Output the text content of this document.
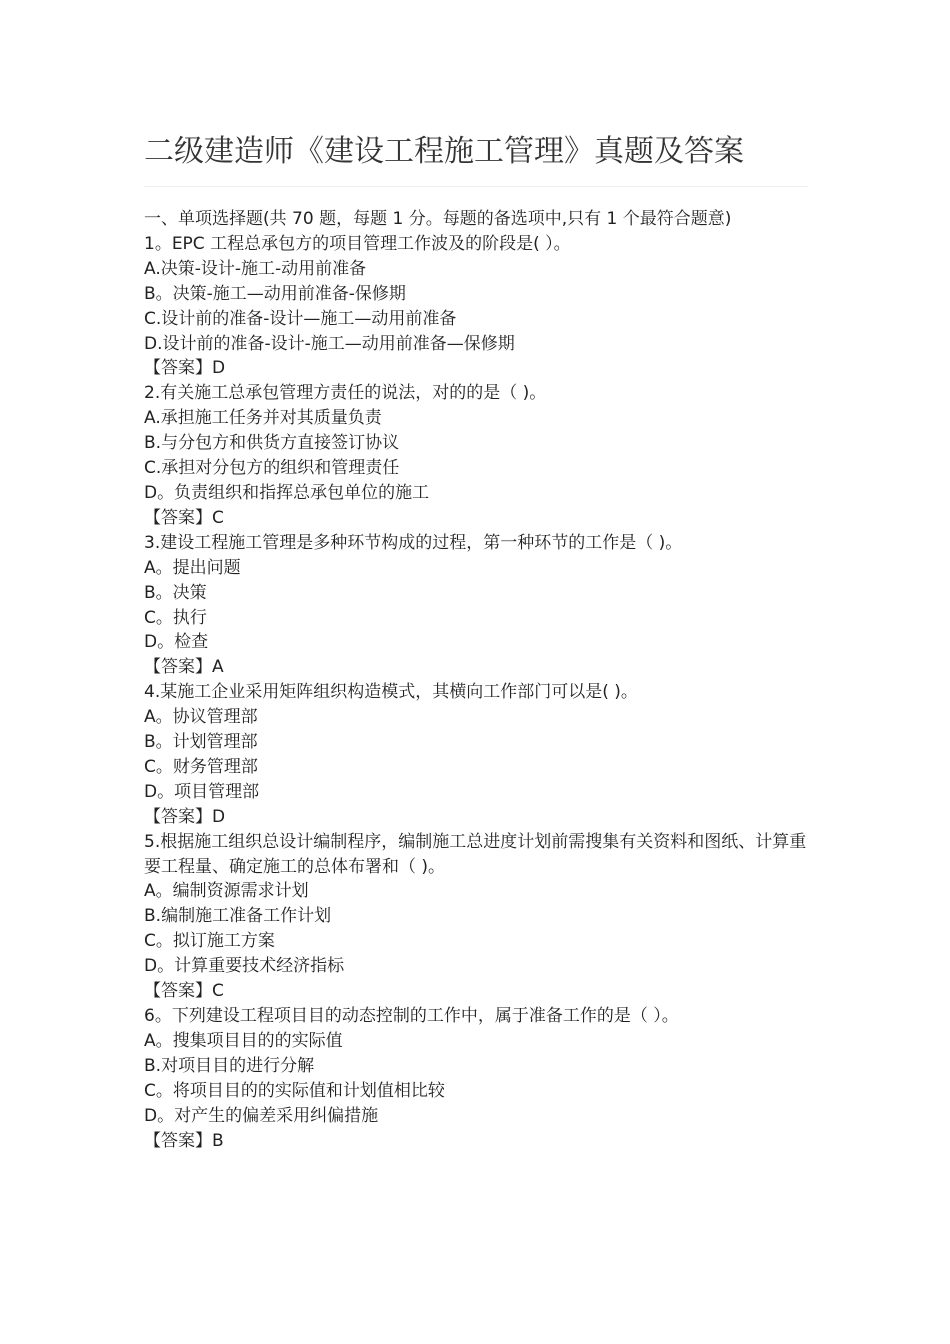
二级建造师《建设工程施工管理》真题及答案

一、单项选择题(共 70 题，每题 1 分。每题的备选项中,只有 1 个最符合题意)

1。EPC 工程总承包方的项目管理工作波及的阶段是( ）。

A.决策-设计-施工-动用前准备

B。决策-施工—动用前准备-保修期

C.设计前的准备-设计—施工—动用前准备

D.设计前的准备-设计-施工—动用前准备—保修期

【答案】D

2.有关施工总承包管理方责任的说法，对的的是（ )。

A.承担施工任务并对其质量负责

B.与分包方和供货方直接签订协议

C.承担对分包方的组织和管理责任

D。负责组织和指挥总承包单位的施工

【答案】C

3.建设工程施工管理是多种环节构成的过程，第一种环节的工作是（ )。

A。提出问题

B。决策

C。执行

D。检查

【答案】A

4.某施工企业采用矩阵组织构造模式，其横向工作部门可以是( )。

A。协议管理部

B。计划管理部

C。财务管理部

D。项目管理部

【答案】D

5.根据施工组织总设计编制程序，编制施工总进度计划前需搜集有关资料和图纸、计算重要工程量、确定施工的总体布署和（ )。

A。编制资源需求计划

B.编制施工准备工作计划

C。拟订施工方案

D。计算重要技术经济指标

【答案】C

6。下列建设工程项目目的动态控制的工作中，属于准备工作的是（ ）。

A。搜集项目目的的实际值

B.对项目目的进行分解

C。将项目目的的实际值和计划值相比较

D。对产生的偏差采用纠偏措施

【答案】B
